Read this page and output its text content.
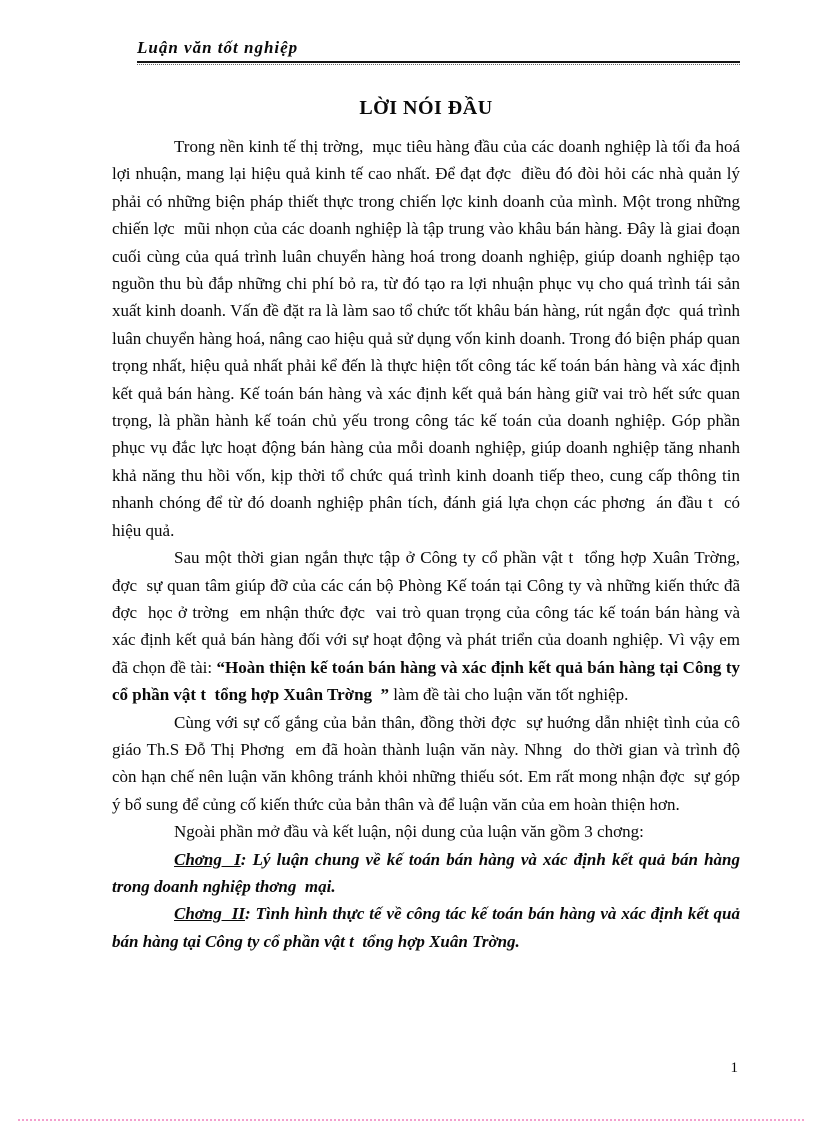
Luận văn tốt nghiệp
LỜI NÓI ĐẦU

Trong nền kinh tế thị trờng,  mục tiêu hàng đầu của các doanh nghiệp là tối đa hoá lợi nhuận, mang lại hiệu quả kinh tế cao nhất. Để đạt đợc  điều đó đòi hỏi các nhà quản lý phải có những biện pháp thiết thực trong chiến lợc kinh doanh của mình. Một trong những chiến lợc  mũi nhọn của các doanh nghiệp là tập trung vào khâu bán hàng. Đây là giai đoạn cuối cùng của quá trình luân chuyển hàng hoá trong doanh nghiệp, giúp doanh nghiệp tạo nguồn thu bù đắp những chi phí bỏ ra, từ đó tạo ra lợi nhuận phục vụ cho quá trình tái sản xuất kinh doanh. Vấn đề đặt ra là làm sao tổ chức tốt khâu bán hàng, rút ngắn đợc  quá trình luân chuyển hàng hoá, nâng cao hiệu quả sử dụng vốn kinh doanh. Trong đó biện pháp quan trọng nhất, hiệu quả nhất phải kể đến là thực hiện tốt công tác kế toán bán hàng và xác định kết quả bán hàng. Kế toán bán hàng và xác định kết quả bán hàng giữ vai trò hết sức quan trọng, là phần hành kế toán chủ yếu trong công tác kế toán của doanh nghiệp. Góp phần phục vụ đắc lực hoạt động bán hàng của mỗi doanh nghiệp, giúp doanh nghiệp tăng nhanh khả năng thu hồi vốn, kịp thời tổ chức quá trình kinh doanh tiếp theo, cung cấp thông tin nhanh chóng để từ đó doanh nghiệp phân tích, đánh giá lựa chọn các phơng  án đầu t  có hiệu quả.

Sau một thời gian ngắn thực tập ở Công ty cổ phần vật t  tổng hợp Xuân Trờng,  đợc  sự quan tâm giúp đỡ của các cán bộ Phòng Kế toán tại Công ty và những kiến thức đã đợc  học ở trờng  em nhận thức đợc  vai trò quan trọng của công tác kế toán bán hàng và xác định kết quả bán hàng đối với sự hoạt động và phát triển của doanh nghiệp. Vì vậy em đã chọn đề tài: “Hoàn thiện kế toán bán hàng và xác định kết quả bán hàng tại Công ty cổ phần vật t  tổng hợp Xuân Trờng  ” làm đề tài cho luận văn tốt nghiệp.

Cùng với sự cố gắng của bản thân, đồng thời đợc  sự huớng dẫn nhiệt tình của cô giáo Th.S Đỗ Thị Phơng  em đã hoàn thành luận văn này. Nhng  do thời gian và trình độ còn hạn chế nên luận văn không tránh khỏi những thiếu sót. Em rất mong nhận đợc  sự góp ý bổ sung để củng cố kiến thức của bản thân và để luận văn của em hoàn thiện hơn.

Ngoài phần mở đầu và kết luận, nội dung của luận văn gồm 3 chơng:

Chơng  I: Lý luận chung về kế toán bán hàng và xác định kết quả bán hàng trong doanh nghiệp thơng  mại.

Chơng  II: Tình hình thực tế về công tác kế toán bán hàng và xác định kết quả bán hàng tại Công ty cổ phần vật t  tổng hợp Xuân Trờng.

1
